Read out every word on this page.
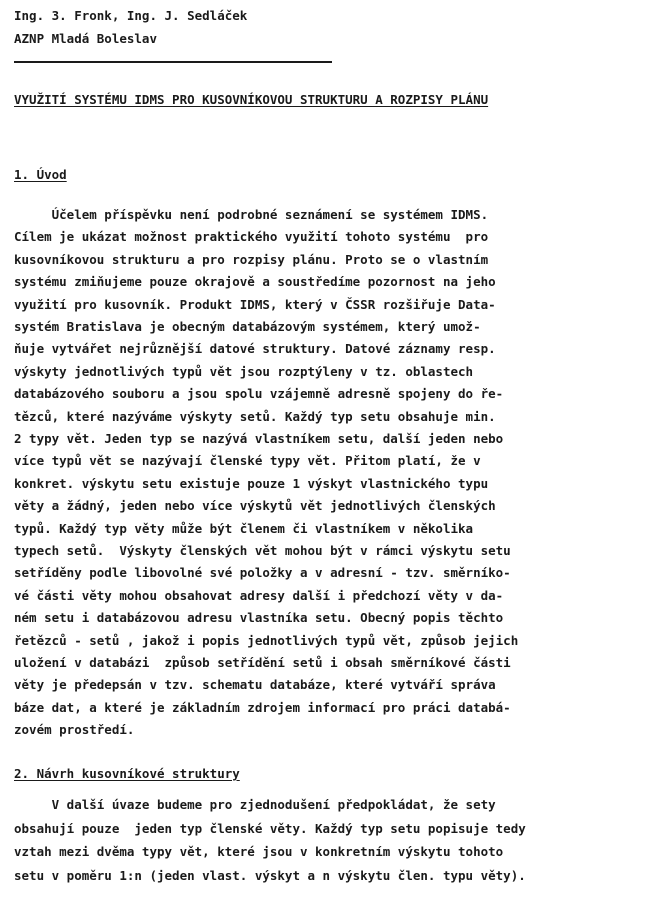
Ing. 3. Fronk, Ing. J. Sedláček
AZNP Mladá Boleslav
VYUŽITÍ SYSTÉMU IDMS PRO KUSOVNÍKOVOU STRUKTURU A ROZPISY PLÁNU
1. Úvod
Účelem příspěvku není podrobné seznámení se systémem IDMS.
Cílem je ukázat možnost praktického využití tohoto systému  pro
kusovníkovou strukturu a pro rozpisy plánu. Proto se o vlastním
systému zmiňujeme pouze okrajově a soustředíme pozornost na jeho
využití pro kusovník. Produkt IDMS, který v ČSSR rozšiřuje Data-
systém Bratislava je obecným databázovým systémem, který umož-
ňuje vytvářet nejrůznější datové struktury. Datové záznamy resp.
výskyty jednotlivých typů vět jsou rozptýleny v tz. oblastech
databázového souboru a jsou spolu vzájemně adresně spojeny do ře-
tězců, které nazýváme výskyty setů. Každý typ setu obsahuje min.
2 typy vět. Jeden typ se nazývá vlastníkem setu, další jeden nebo
více typů vět se nazývají členské typy vět. Přitom platí, že v
konkret. výskytu setu existuje pouze 1 výskyt vlastnického typu
věty a žádný, jeden nebo více výskytů vět jednotlivých členských
typů. Každý typ věty může být členem či vlastníkem v několika
typech setů.  Výskyty členských vět mohou být v rámci výskytu setu
setříděny podle libovolné své položky a v adresní - tzv. směrníko-
vé části věty mohou obsahovat adresy další i předchozí věty v da-
ném setu i databázovou adresu vlastníka setu. Obecný popis těchto
řetězců - setů , jakož i popis jednotlivých typů vět, způsob jejich
uložení v databázi  způsob setřídění setů i obsah směrníkové části
věty je předepsán v tzv. schematu databáze, které vytváří správa
báze dat, a které je základním zdrojem informací pro práci databá-
zovém prostředí.
2. Návrh kusovníkové struktury
V další úvaze budeme pro zjednodušení předpokládat, že sety
obsahují pouze  jeden typ členské věty. Každý typ setu popisuje tedy
vztah mezi dvěma typy vět, které jsou v konkretním výskytu tohoto
setu v poměru 1:n (jeden vlast. výskyt a n výskytu člen. typu věty).
